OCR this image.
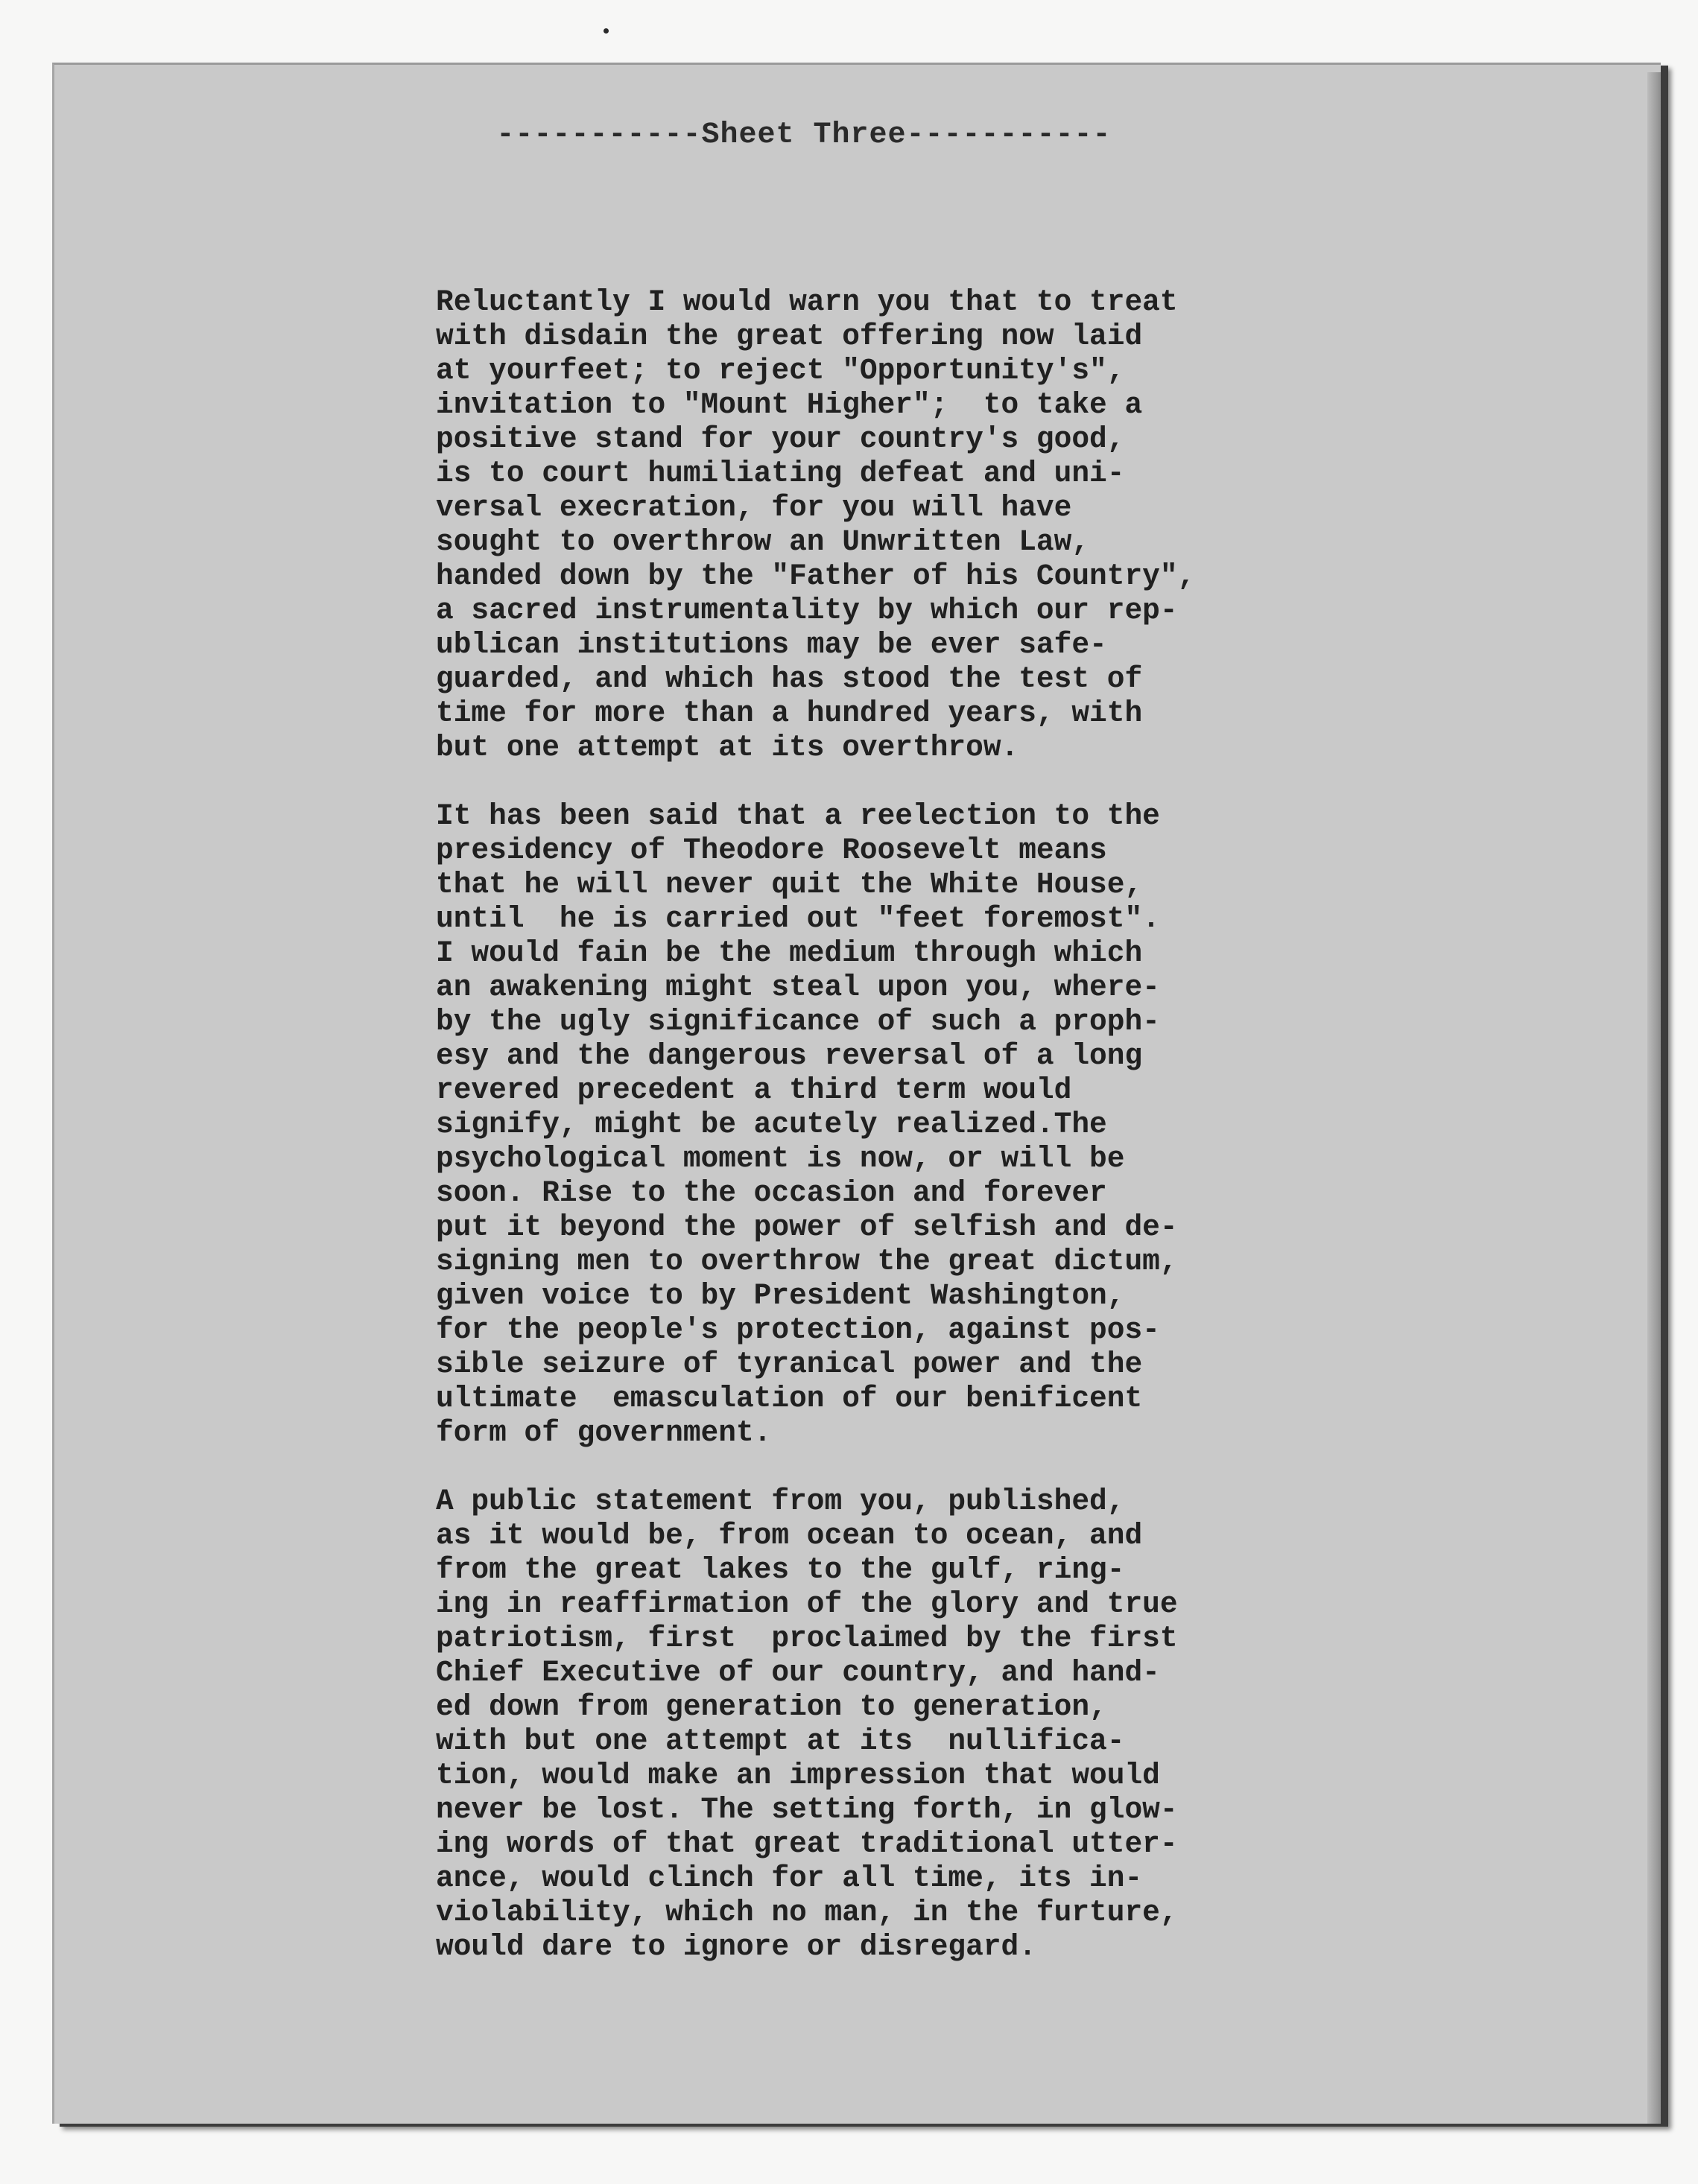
-----------Sheet Three-----------
Reluctantly I would warn you that to treat
with disdain the great offering now laid
at yourfeet; to reject "Opportunity's",
invitation to "Mount Higher";  to take a
positive stand for your country's good,
is to court humiliating defeat and uni-
versal execration, for you will have
sought to overthrow an Unwritten Law,
handed down by the "Father of his Country",
a sacred instrumentality by which our rep-
ublican institutions may be ever safe-
guarded, and which has stood the test of
time for more than a hundred years, with
but one attempt at its overthrow.
It has been said that a reelection to the
presidency of Theodore Roosevelt means
that he will never quit the White House,
until  he is carried out "feet foremost".
I would fain be the medium through which
an awakening might steal upon you, where-
by the ugly significance of such a proph-
esy and the dangerous reversal of a long
revered precedent a third term would
signify, might be acutely realized.The
psychological moment is now, or will be
soon. Rise to the occasion and forever
put it beyond the power of selfish and de-
signing men to overthrow the great dictum,
given voice to by President Washington,
for the people's protection, against pos-
sible seizure of tyranical power and the
ultimate  emasculation of our benificent
form of government.
A public statement from you, published,
as it would be, from ocean to ocean, and
from the great lakes to the gulf, ring-
ing in reaffirmation of the glory and true
patriotism, first  proclaimed by the first
Chief Executive of our country, and hand-
ed down from generation to generation,
with but one attempt at its  nullifica-
tion, would make an impression that would
never be lost. The setting forth, in glow-
ing words of that great traditional utter-
ance, would clinch for all time, its in-
violability, which no man, in the furture,
would dare to ignore or disregard.
